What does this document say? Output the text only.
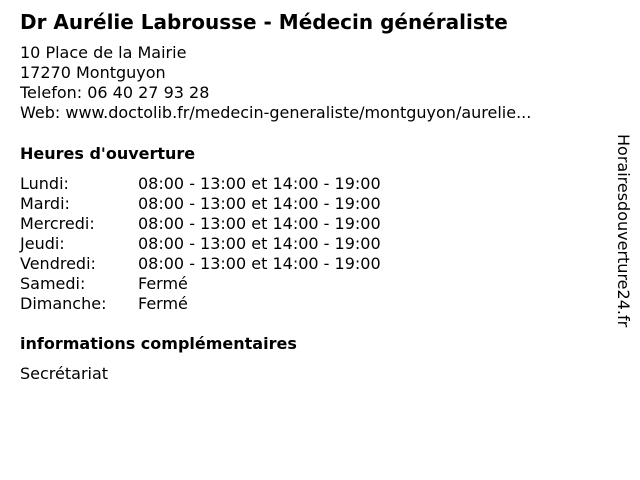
Dr Aurélie Labrousse - Médecin généraliste
10 Place de la Mairie
17270 Montguyon
Telefon: 06 40 27 93 28
Web: www.doctolib.fr/medecin-generaliste/montguyon/aurelie...
Heures d'ouverture
Lundi:	08:00 - 13:00 et 14:00 - 19:00
Mardi:	08:00 - 13:00 et 14:00 - 19:00
Mercredi:	08:00 - 13:00 et 14:00 - 19:00
Jeudi:	08:00 - 13:00 et 14:00 - 19:00
Vendredi:	08:00 - 13:00 et 14:00 - 19:00
Samedi:	Fermé
Dimanche: Fermé
informations complémentaires
Secrétariat
Horairesdouverture24.fr
